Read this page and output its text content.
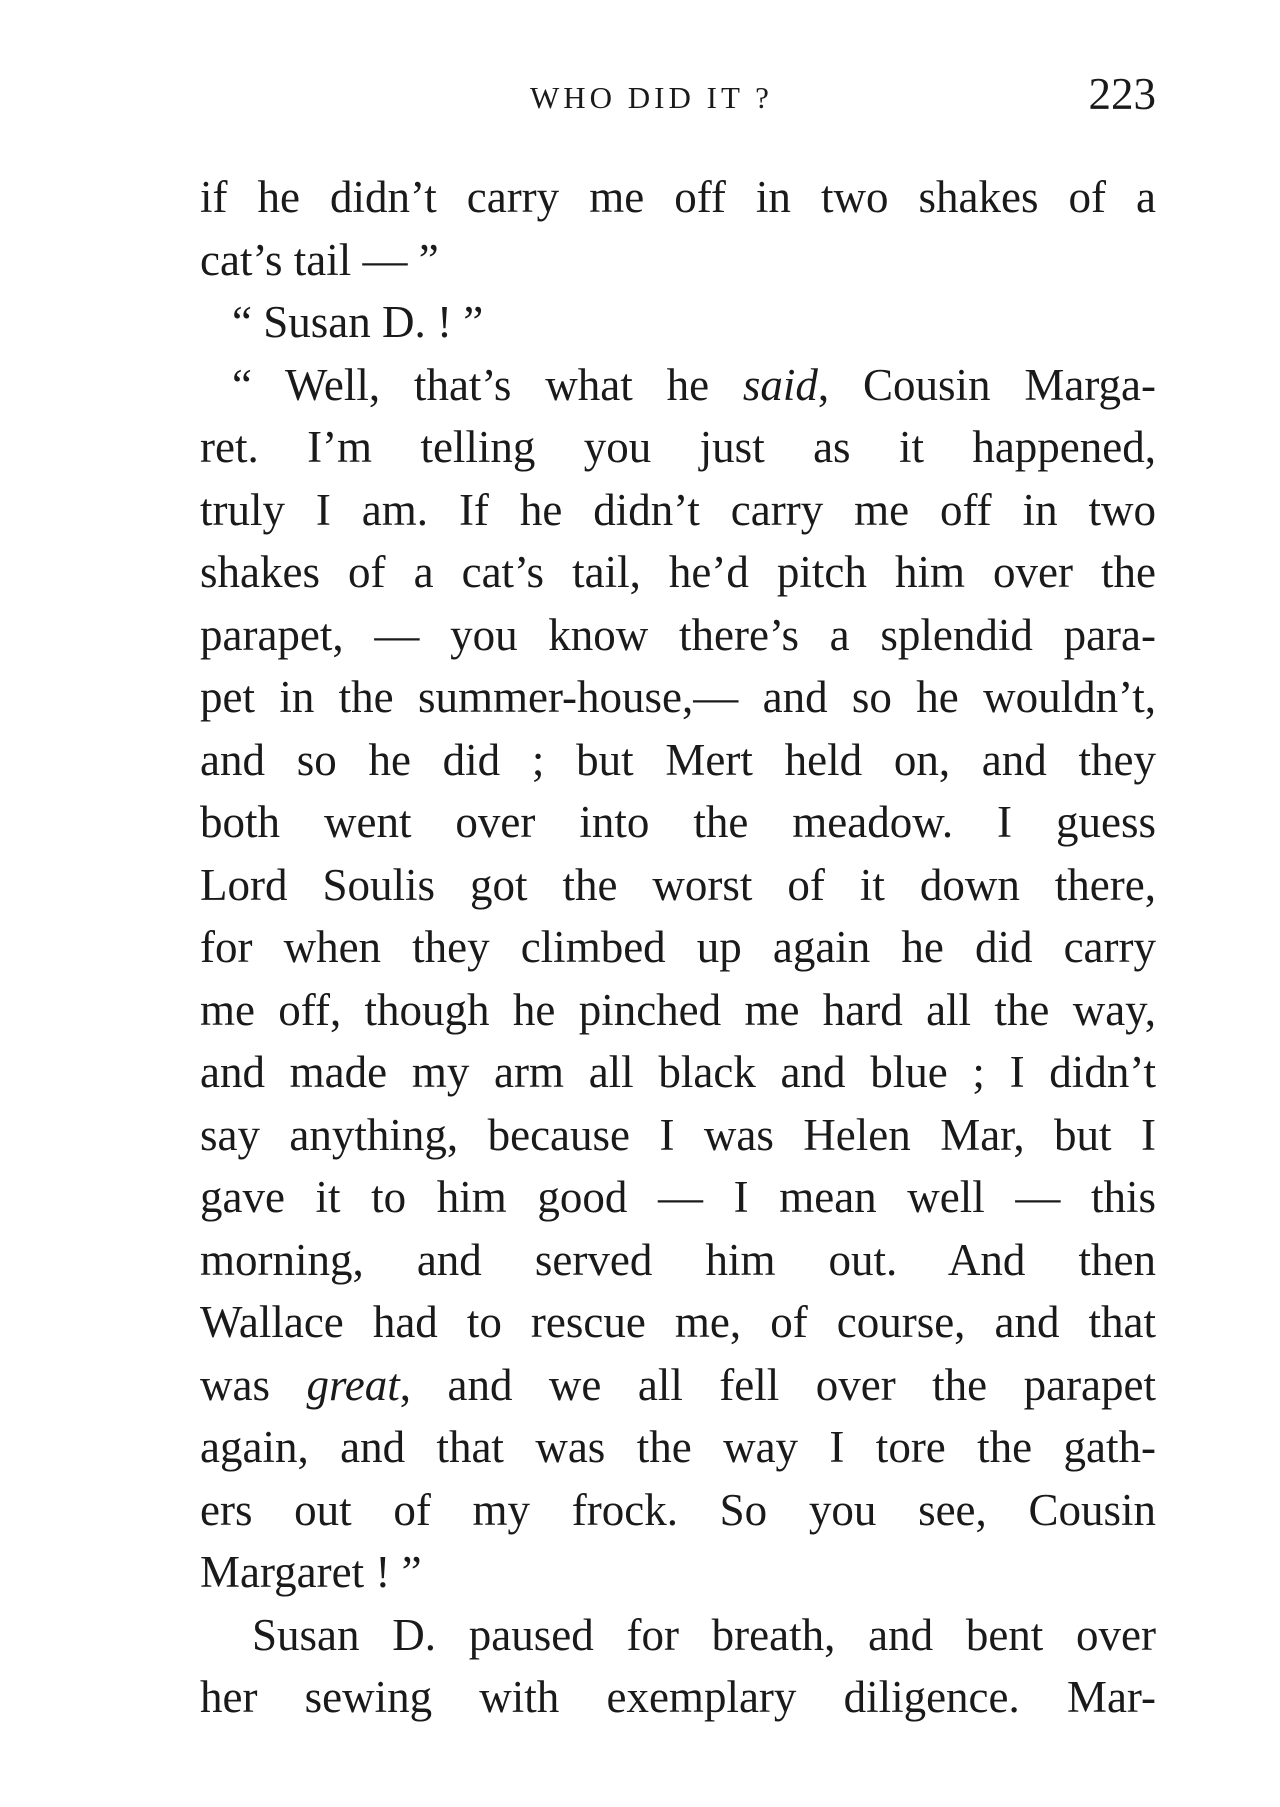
WHO DID IT ?	223
if he didn’t carry me off in two shakes of a
cat’s tail — ”
“ Susan D. ! ”
“ Well, that’s what he said, Cousin Marga-
ret. I’m telling you just as it happened,
truly I am. If he didn’t carry me off in two
shakes of a cat’s tail, he’d pitch him over the
parapet, — you know there’s a splendid para-
pet in the summer-house,— and so he wouldn’t,
and so he did ; but Mert held on, and they
both went over into the meadow. I guess
Lord Soulis got the worst of it down there,
for when they climbed up again he did carry
me off, though he pinched me hard all the way,
and made my arm all black and blue ; I didn’t
say anything, because I was Helen Mar, but I
gave it to him good — I mean well — this
morning, and served him out. And then
Wallace had to rescue me, of course, and that
was great, and we all fell over the parapet
again, and that was the way I tore the gath-
ers out of my frock. So you see, Cousin
Margaret ! ”
Susan D. paused for breath, and bent over
her sewing with exemplary diligence. Mar-
